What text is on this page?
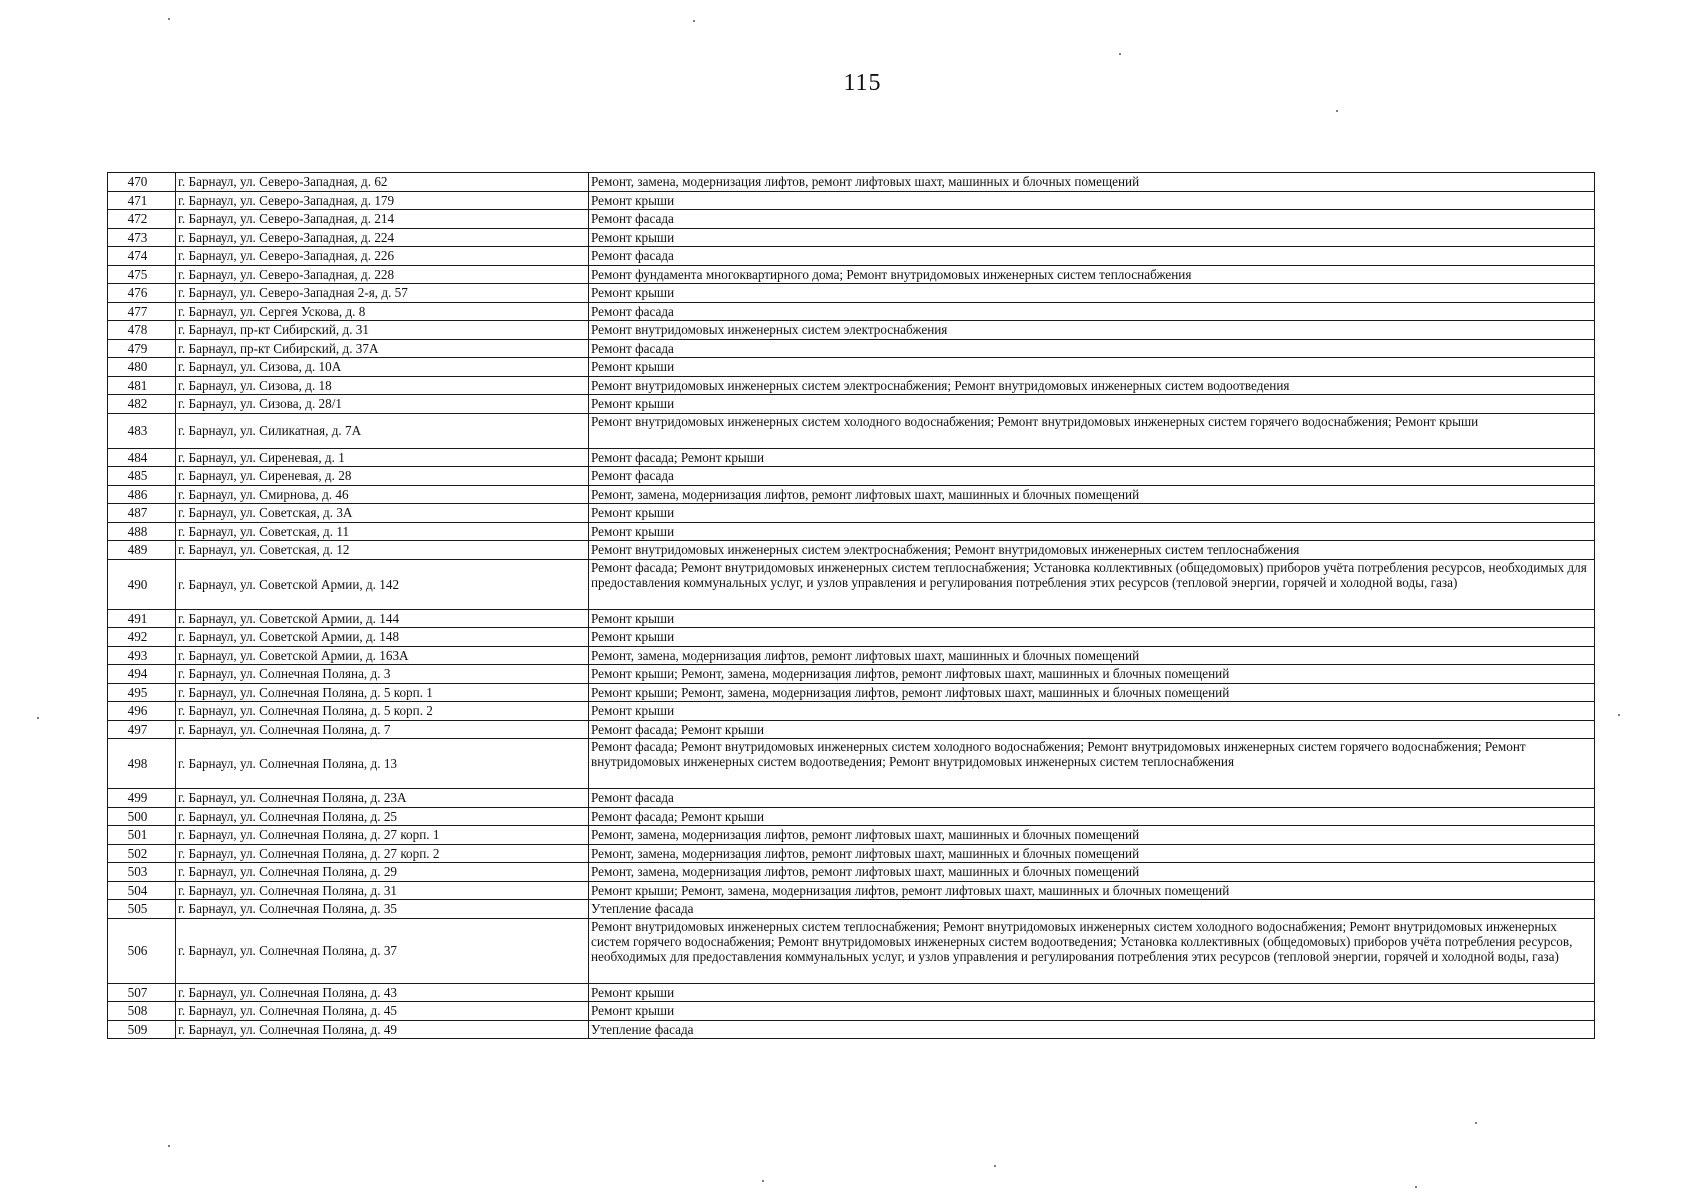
115
470	г. Барнаул, ул. Северо-Западная, д. 62	Ремонт, замена, модернизация лифтов, ремонт лифтовых шахт, машинных и блочных помещений
471	г. Барнаул, ул. Северо-Западная, д. 179	Ремонт крыши
472	г. Барнаул, ул. Северо-Западная, д. 214	Ремонт фасада
473	г. Барнаул, ул. Северо-Западная, д. 224	Ремонт крыши
474	г. Барнаул, ул. Северо-Западная, д. 226	Ремонт фасада
475	г. Барнаул, ул. Северо-Западная, д. 228	Ремонт фундамента многоквартирного дома; Ремонт внутридомовых инженерных систем теплоснабжения
476	г. Барнаул, ул. Северо-Западная 2-я, д. 57	Ремонт крыши
477	г. Барнаул, ул. Сергея Ускова, д. 8	Ремонт фасада
478	г. Барнаул, пр-кт Сибирский, д. 31	Ремонт внутридомовых инженерных систем электроснабжения
479	г. Барнаул, пр-кт Сибирский, д. 37А	Ремонт фасада
480	г. Барнаул, ул. Сизова, д. 10А	Ремонт крыши
481	г. Барнаул, ул. Сизова, д. 18	Ремонт внутридомовых инженерных систем электроснабжения; Ремонт внутридомовых инженерных систем водоотведения
482	г. Барнаул, ул. Сизова, д. 28/1	Ремонт крыши
483	г. Барнаул, ул. Силикатная, д. 7А	Ремонт внутридомовых инженерных систем холодного водоснабжения; Ремонт внутридомовых инженерных систем горячего водоснабжения; Ремонт крыши
484	г. Барнаул, ул. Сиреневая, д. 1	Ремонт фасада; Ремонт крыши
485	г. Барнаул, ул. Сиреневая, д. 28	Ремонт фасада
486	г. Барнаул, ул. Смирнова, д. 46	Ремонт, замена, модернизация лифтов, ремонт лифтовых шахт, машинных и блочных помещений
487	г. Барнаул, ул. Советская, д. 3А	Ремонт крыши
488	г. Барнаул, ул. Советская, д. 11	Ремонт крыши
489	г. Барнаул, ул. Советская, д. 12	Ремонт внутридомовых инженерных систем электроснабжения; Ремонт внутридомовых инженерных систем теплоснабжения
490	г. Барнаул, ул. Советской Армии, д. 142	Ремонт фасада; Ремонт внутридомовых инженерных систем теплоснабжения; Установка коллективных (общедомовых) приборов учёта потребления ресурсов, необходимых для предоставления коммунальных услуг, и узлов управления и регулирования потребления этих ресурсов (тепловой энергии, горячей и холодной воды, газа)
491	г. Барнаул, ул. Советской Армии, д. 144	Ремонт крыши
492	г. Барнаул, ул. Советской Армии, д. 148	Ремонт крыши
493	г. Барнаул, ул. Советской Армии, д. 163А	Ремонт, замена, модернизация лифтов, ремонт лифтовых шахт, машинных и блочных помещений
494	г. Барнаул, ул. Солнечная Поляна, д. 3	Ремонт крыши; Ремонт, замена, модернизация лифтов, ремонт лифтовых шахт, машинных и блочных помещений
495	г. Барнаул, ул. Солнечная Поляна, д. 5 корп. 1	Ремонт крыши; Ремонт, замена, модернизация лифтов, ремонт лифтовых шахт, машинных и блочных помещений
496	г. Барнаул, ул. Солнечная Поляна, д. 5 корп. 2	Ремонт крыши
497	г. Барнаул, ул. Солнечная Поляна, д. 7	Ремонт фасада; Ремонт крыши
498	г. Барнаул, ул. Солнечная Поляна, д. 13	Ремонт фасада; Ремонт внутридомовых инженерных систем холодного водоснабжения; Ремонт внутридомовых инженерных систем горячего водоснабжения; Ремонт внутридомовых инженерных систем водоотведения; Ремонт внутридомовых инженерных систем теплоснабжения
499	г. Барнаул, ул. Солнечная Поляна, д. 23А	Ремонт фасада
500	г. Барнаул, ул. Солнечная Поляна, д. 25	Ремонт фасада; Ремонт крыши
501	г. Барнаул, ул. Солнечная Поляна, д. 27 корп. 1	Ремонт, замена, модернизация лифтов, ремонт лифтовых шахт, машинных и блочных помещений
502	г. Барнаул, ул. Солнечная Поляна, д. 27 корп. 2	Ремонт, замена, модернизация лифтов, ремонт лифтовых шахт, машинных и блочных помещений
503	г. Барнаул, ул. Солнечная Поляна, д. 29	Ремонт, замена, модернизация лифтов, ремонт лифтовых шахт, машинных и блочных помещений
504	г. Барнаул, ул. Солнечная Поляна, д. 31	Ремонт крыши; Ремонт, замена, модернизация лифтов, ремонт лифтовых шахт, машинных и блочных помещений
505	г. Барнаул, ул. Солнечная Поляна, д. 35	Утепление фасада
506	г. Барнаул, ул. Солнечная Поляна, д. 37	Ремонт внутридомовых инженерных систем теплоснабжения; Ремонт внутридомовых инженерных систем холодного водоснабжения; Ремонт внутридомовых инженерных систем горячего водоснабжения; Ремонт внутридомовых инженерных систем водоотведения; Установка коллективных (общедомовых) приборов учёта потребления ресурсов, необходимых для предоставления коммунальных услуг, и узлов управления и регулирования потребления этих ресурсов (тепловой энергии, горячей и холодной воды, газа)
507	г. Барнаул, ул. Солнечная Поляна, д. 43	Ремонт крыши
508	г. Барнаул, ул. Солнечная Поляна, д. 45	Ремонт крыши
509	г. Барнаул, ул. Солнечная Поляна, д. 49	Утепление фасада
